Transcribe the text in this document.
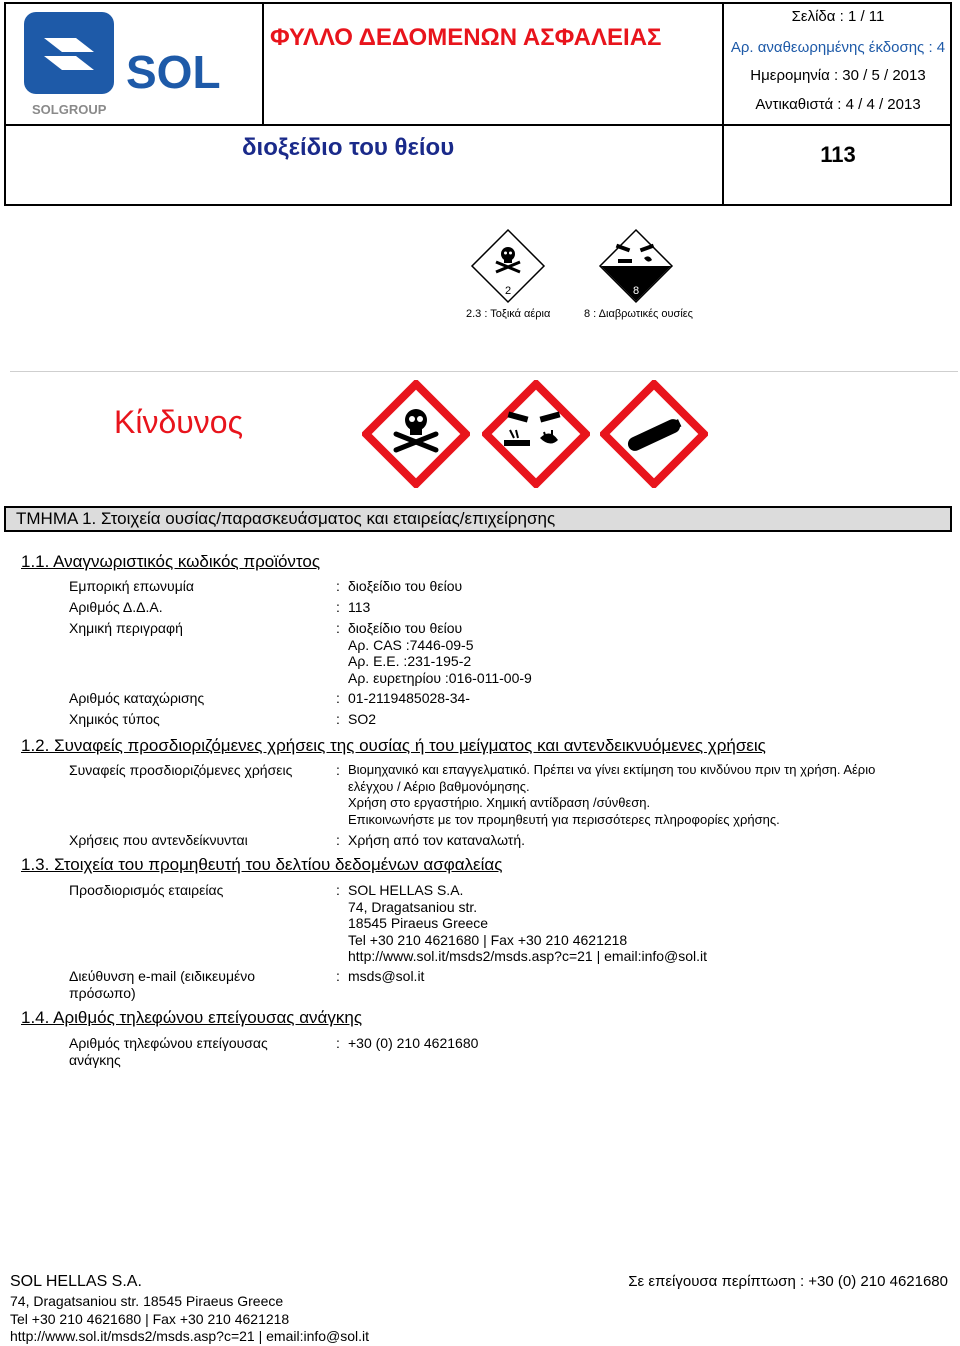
SOL
SOLGROUP
ΦΥΛΛΟ ΔΕΔΟΜΕΝΩΝ ΑΣΦΑΛΕΙΑΣ
Σελίδα : 1 / 11
Αρ. αναθεωρημένης έκδοσης : 4
Ημερομηνία : 30 / 5 / 2013
Αντικαθιστά : 4 / 4 / 2013
διοξείδιο του θείου	113
2
2.3 : Τοξικά αέρια
8
8 : Διαβρωτικές ουσίες
Κίνδυνος
ΤΜΗΜΑ 1. Στοιχεία ουσίας/παρασκευάσματος και εταιρείας/επιχείρησης
1.1. Αναγνωριστικός κωδικός προϊόντος
Εμπορική επωνυμία	: διοξείδιο του θείου
Αριθμός Δ.Δ.Α.	: 113
Χημική περιγραφή	: διοξείδιο του θείου
Αρ. CAS :7446-09-5
Αρ. Ε.Ε. :231-195-2
Αρ. ευρετηρίου :016-011-00-9
Αριθμός καταχώρισης	: 01-2119485028-34-
Χημικός τύπος	: SO2
1.2. Συναφείς προσδιοριζόμενες χρήσεις της ουσίας ή του μείγματος και αντενδεικνυόμενες χρήσεις
Συναφείς προσδιοριζόμενες χρήσεις	: Βιομηχανικό και επαγγελματικό. Πρέπει να γίνει εκτίμηση του κινδύνου πριν τη χρήση. Αέριο
ελέγχου / Αέριο βαθμονόμησης.
Χρήση στο εργαστήριο. Χημική αντίδραση /σύνθεση.
Επικοινωνήστε με τον προμηθευτή για περισσότερες πληροφορίες χρήσης.
Χρήσεις που αντενδείκνυνται	: Χρήση από τον καταναλωτή.
1.3. Στοιχεία του προμηθευτή του δελτίου δεδομένων ασφαλείας
Προσδιορισμός εταιρείας	: SOL HELLAS S.A.
74, Dragatsaniou str.
18545 Piraeus Greece
Tel +30 210 4621680 | Fax +30 210 4621218
http://www.sol.it/msds2/msds.asp?c=21 | email:info@sol.it
Διεύθυνση e-mail (ειδικευμένο
πρόσωπο)
: msds@sol.it
1.4. Αριθμός τηλεφώνου επείγουσας ανάγκης
Αριθμός τηλεφώνου επείγουσας
ανάγκης
: +30 (0) 210 4621680
SOL HELLAS S.A.
74, Dragatsaniou str. 18545 Piraeus Greece
Tel +30 210 4621680 | Fax +30 210 4621218
http://www.sol.it/msds2/msds.asp?c=21 | email:info@sol.it
Σε επείγουσα περίπτωση : +30 (0) 210 4621680
